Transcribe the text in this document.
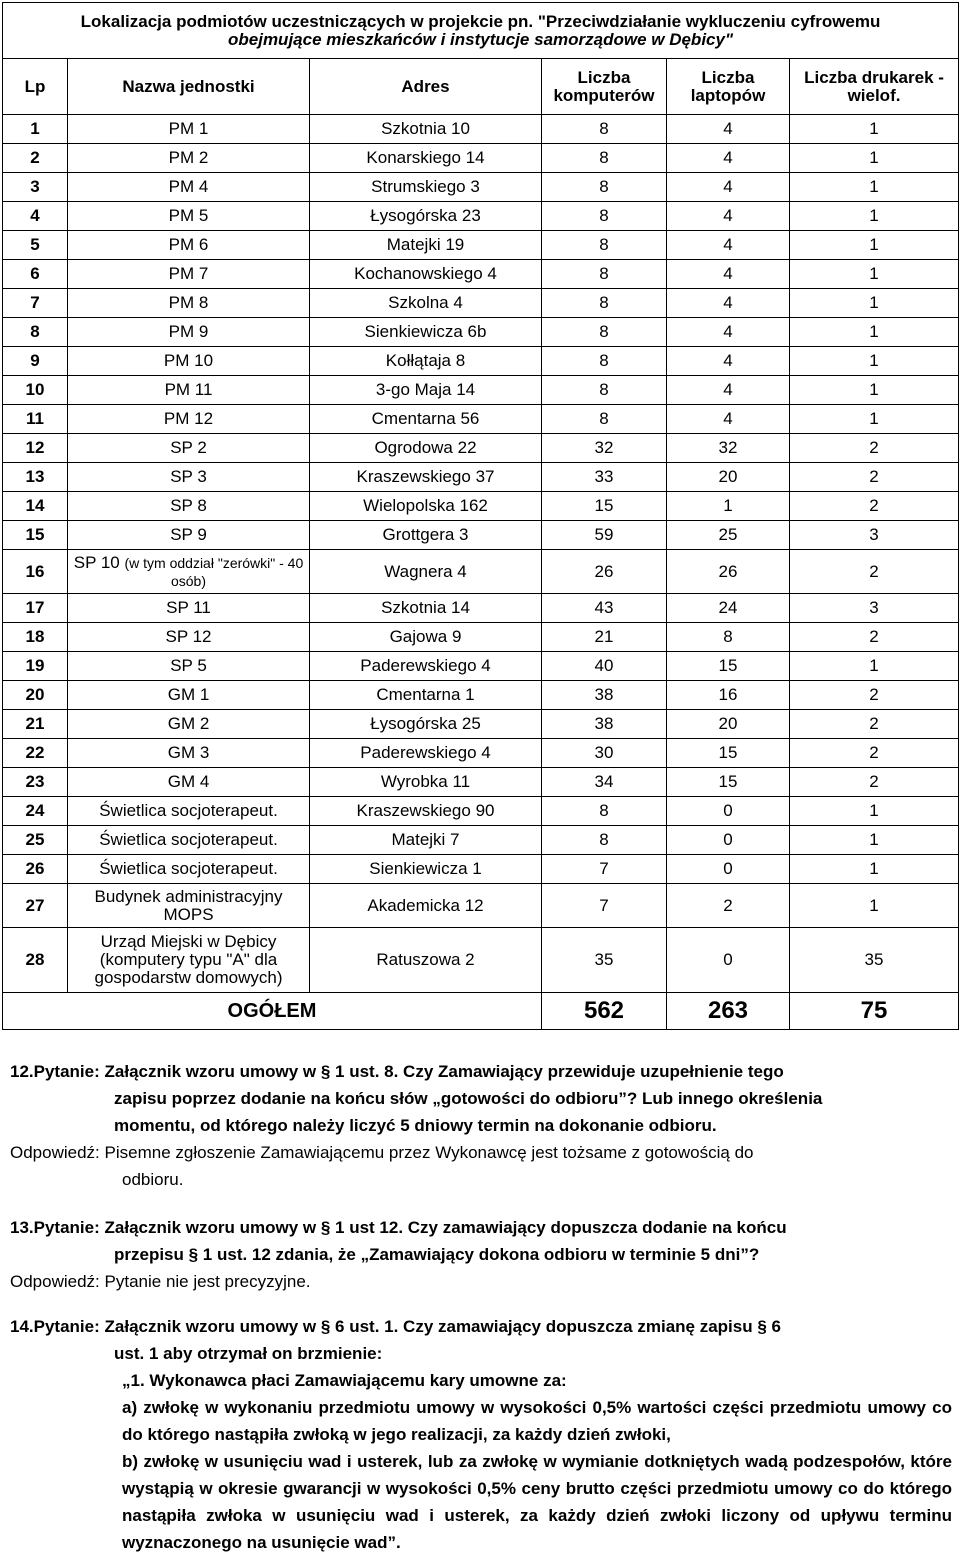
Lokalizacja podmiotów uczestniczących w projekcie pn. "Przeciwdziałanie wykluczeniu cyfrowemu
obejmujące mieszkańców i instytucje samorządowe w Dębicy"					

Lp	Nazwa jednostki	Adres	Liczba komputerów	Liczba laptopów	Liczba drukarek - wielof.
1	PM 1	Szkotnia 10	8	4	1
2	PM 2	Konarskiego 14	8	4	1
3	PM 4	Strumskiego 3	8	4	1
4	PM 5	Łysogórska 23	8	4	1
5	PM 6	Matejki 19	8	4	1
6	PM 7	Kochanowskiego 4	8	4	1
7	PM 8	Szkolna 4	8	4	1
8	PM 9	Sienkiewicza 6b	8	4	1
9	PM 10	Kołłątaja 8	8	4	1
10	PM 11	3-go Maja 14	8	4	1
11	PM 12	Cmentarna 56	8	4	1
12	SP 2	Ogrodowa 22	32	32	2
13	SP 3	Kraszewskiego 37	33	20	2
14	SP 8	Wielopolska 162	15	1	2
15	SP 9	Grottgera 3	59	25	3
16	SP 10 (w tym oddział "zerówki" - 40 osób)	Wagnera 4	26	26	2
17	SP 11	Szkotnia 14	43	24	3
18	SP 12	Gajowa 9	21	8	2
19	SP 5	Paderewskiego 4	40	15	1
20	GM 1	Cmentarna 1	38	16	2
21	GM 2	Łysogórska 25	38	20	2
22	GM 3	Paderewskiego 4	30	15	2
23	GM 4	Wyrobka 11	34	15	2
24	Świetlica socjoterapeut.	Kraszewskiego 90	8	0	1
25	Świetlica socjoterapeut.	Matejki 7	8	0	1
26	Świetlica socjoterapeut.	Sienkiewicza 1	7	0	1
27	Budynek administracyjny MOPS	Akademicka 12	7	2	1
28	Urząd Miejski w Dębicy (komputery typu "A" dla gospodarstw domowych)	Ratuszowa 2	35	0	35
OGÓŁEM			562	263	75
12.Pytanie: Załącznik wzoru umowy w § 1 ust. 8. Czy Zamawiający przewiduje uzupełnienie tego
zapisu poprzez dodanie na końcu słów „gotowości do odbioru”? Lub innego określenia
momentu, od którego należy liczyć 5 dniowy termin na dokonanie odbioru.
Odpowiedź: Pisemne zgłoszenie Zamawiającemu przez Wykonawcę jest tożsame z gotowością do
odbioru.
13.Pytanie: Załącznik wzoru umowy w § 1 ust 12. Czy zamawiający dopuszcza dodanie na końcu
przepisu § 1 ust. 12 zdania, że „Zamawiający dokona odbioru w terminie 5 dni”?
Odpowiedź: Pytanie nie jest precyzyjne.
14.Pytanie: Załącznik wzoru umowy w § 6 ust. 1. Czy zamawiający dopuszcza zmianę zapisu § 6
ust. 1 aby otrzymał on brzmienie:
„1. Wykonawca płaci Zamawiającemu kary umowne za:
a) zwłokę w wykonaniu przedmiotu umowy w wysokości 0,5% wartości części przedmiotu umowy co do którego nastąpiła zwłoką w jego realizacji, za każdy dzień zwłoki,
b) zwłokę w usunięciu wad i usterek, lub za zwłokę w wymianie dotkniętych wadą podzespołów, które wystąpią w okresie gwarancji w wysokości 0,5% ceny brutto części przedmiotu umowy co do którego nastąpiła zwłoka w usunięciu wad i usterek, za każdy dzień zwłoki liczony od upływu terminu wyznaczonego na usunięcie wad”.
